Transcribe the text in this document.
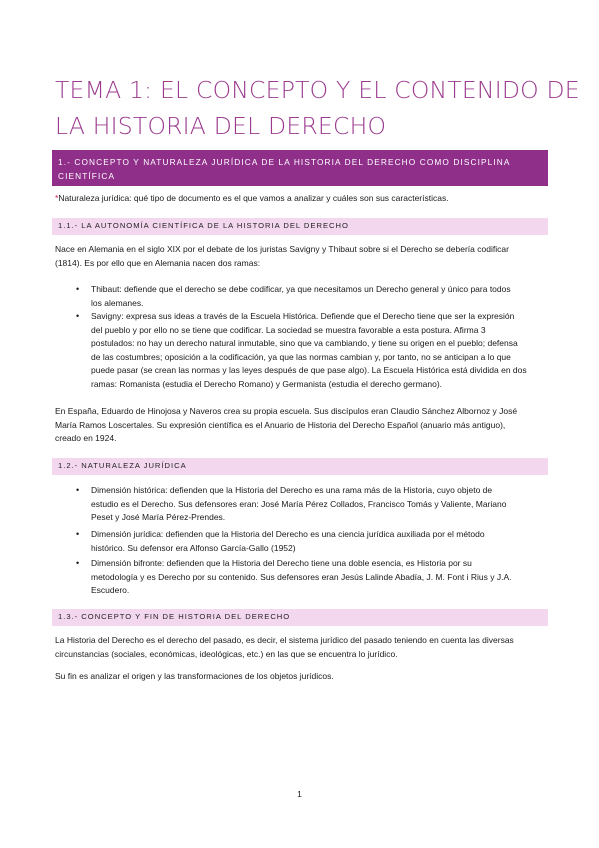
TEMA 1: EL CONCEPTO Y EL CONTENIDO DE
LA HISTORIA DEL DERECHO
1.- CONCEPTO Y NATURALEZA JURÍDICA DE LA HISTORIA DEL DERECHO COMO DISCIPLINA
CIENTÍFICA
*Naturaleza jurídica: qué tipo de documento es el que vamos a analizar y cuáles son sus características.
1.1.- LA AUTONOMÍA CIENTÍFICA DE LA HISTORIA DEL DERECHO
Nace en Alemania en el siglo XIX por el debate de los juristas Savigny y Thibaut sobre si el Derecho se debería codificar
(1814). Es por ello que en Alemania nacen dos ramas:
•	Thibaut: defiende que el derecho se debe codificar, ya que necesitamos un Derecho general y único para todos
los alemanes.
•	Savigny: expresa sus ideas a través de la Escuela Histórica. Defiende que el Derecho tiene que ser la expresión
del pueblo y por ello no se tiene que codificar. La sociedad se muestra favorable a esta postura. Afirma 3
postulados: no hay un derecho natural inmutable, sino que va cambiando, y tiene su origen en el pueblo; defensa
de las costumbres; oposición a la codificación, ya que las normas cambian y, por tanto, no se anticipan a lo que
puede pasar (se crean las normas y las leyes después de que pase algo). La Escuela Histórica está dividida en dos
ramas: Romanista (estudia el Derecho Romano) y Germanista (estudia el derecho germano).
En España, Eduardo de Hinojosa y Naveros crea su propia escuela. Sus discípulos eran Claudio Sánchez Albornoz y José
María Ramos Loscertales. Su expresión científica es el Anuario de Historia del Derecho Español (anuario más antiguo),
creado en 1924.
1.2.- NATURALEZA JURÍDICA
•	Dimensión histórica: defienden que la Historia del Derecho es una rama más de la Historia, cuyo objeto de
estudio es el Derecho. Sus defensores eran: José María Pérez Collados, Francisco Tomás y Valiente, Mariano
Peset y José María Pérez-Prendes.
•	Dimensión jurídica: defienden que la Historia del Derecho es una ciencia jurídica auxiliada por el método
histórico. Su defensor era Alfonso García-Gallo (1952)
•	Dimensión bifronte: defienden que la Historia del Derecho tiene una doble esencia, es Historia por su
metodología y es Derecho por su contenido. Sus defensores eran Jesús Lalinde Abadía, J. M. Font i Rius y J.A.
Escudero.
1.3.- CONCEPTO Y FIN DE HISTORIA DEL DERECHO
La Historia del Derecho es el derecho del pasado, es decir, el sistema jurídico del pasado teniendo en cuenta las diversas
circunstancias (sociales, económicas, ideológicas, etc.) en las que se encuentra lo jurídico.
Su fin es analizar el origen y las transformaciones de los objetos jurídicos.
1
